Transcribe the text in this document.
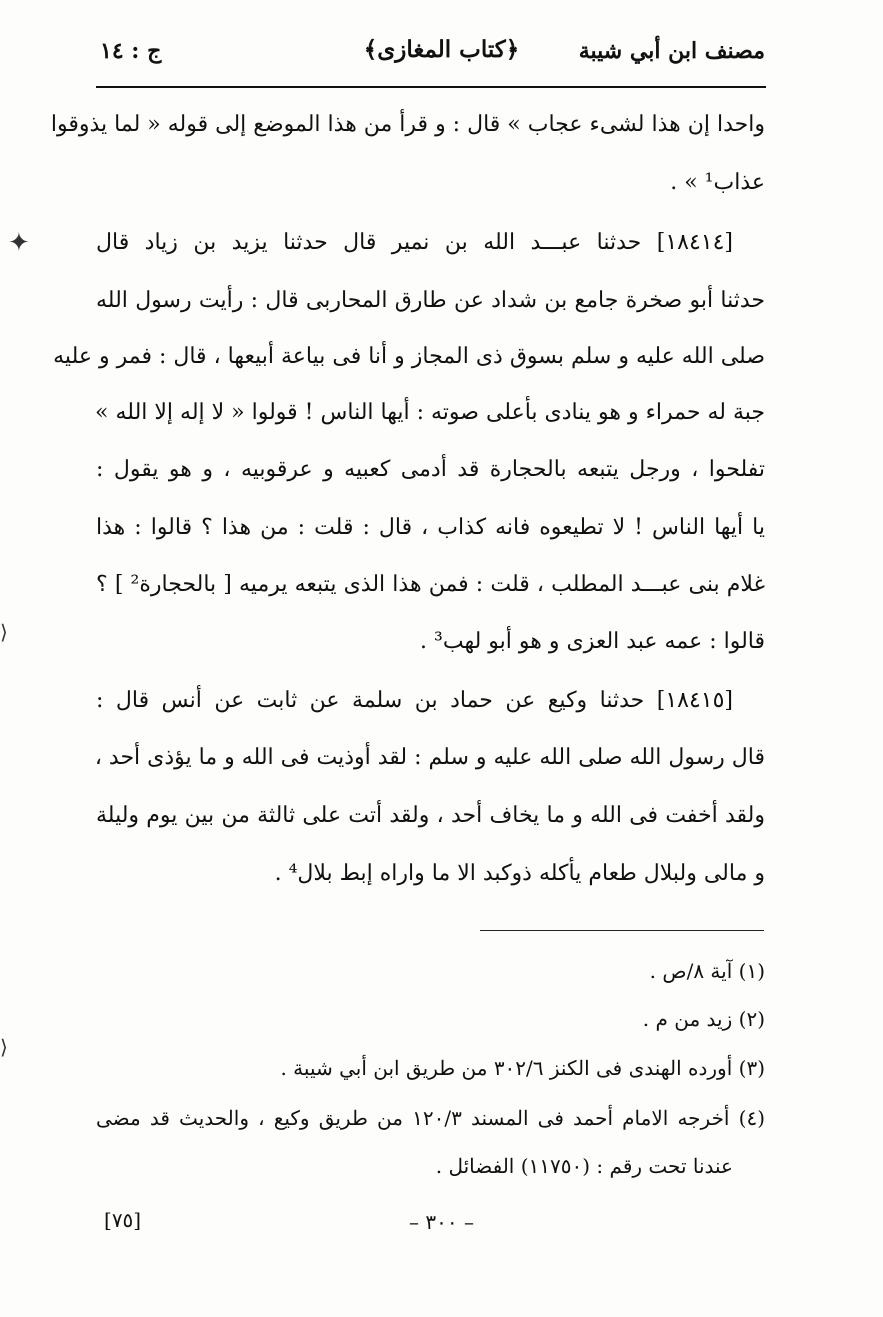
مصنف ابن أبي شيبة
﴿كتاب المغازى﴾
ج : ١٤
واحدا إن هذا لشىء عجاب » قال : و قرأ من هذا الموضع إلى قوله « لما يذوقوا
عذاب¹ » .
[١٨٤١٤] حدثنا عبـــد الله بن نمير قال حدثنا يزيد بن زياد قال
حدثنا أبو صخرة جامع بن شداد عن طارق المحاربى قال : رأيت رسول الله
صلى الله عليه و سلم بسوق ذى المجاز و أنا فى بياعة أبيعها ، قال : فمر و عليه
جبة له حمراء و هو ينادى بأعلى صوته : أيها الناس ! قولوا « لا إله إلا الله »
تفلحوا ، ورجل يتبعه بالحجارة قد أدمى كعبيه و عرقوبيه ، و هو يقول :
يا أيها الناس ! لا تطيعوه فانه كذاب ، قال : قلت : من هذا ؟ قالوا : هذا
غلام بنى عبـــد المطلب ، قلت : فمن هذا الذى يتبعه يرميه [ بالحجارة² ] ؟
قالوا : عمه عبد العزى و هو أبو لهب³ .
[١٨٤١٥] حدثنا وكيع عن حماد بن سلمة عن ثابت عن أنس قال :
قال رسول الله صلى الله عليه و سلم : لقد أوذيت فى الله و ما يؤذى أحد ،
ولقد أخفت فى الله و ما يخاف أحد ، ولقد أتت على ثالثة من بين يوم وليلة
و مالى ولبلال طعام يأكله ذوكبد الا ما واراه إبط بلال⁴ .
(١) آية ٨/ص .
(٢) زيد من م .
(٣) أورده الهندى فى الكنز ٣٠٢/٦ من طريق ابن أبي شيبة .
(٤) أخرجه الامام أحمد فى المسند ١٢٠/٣ من طريق وكيع ، والحديث قد مضى
عندنا تحت رقم : (١١٧٥٠) الفضائل .
– ٣٠٠ –
[٧٥]
✦
⟩
⟩
